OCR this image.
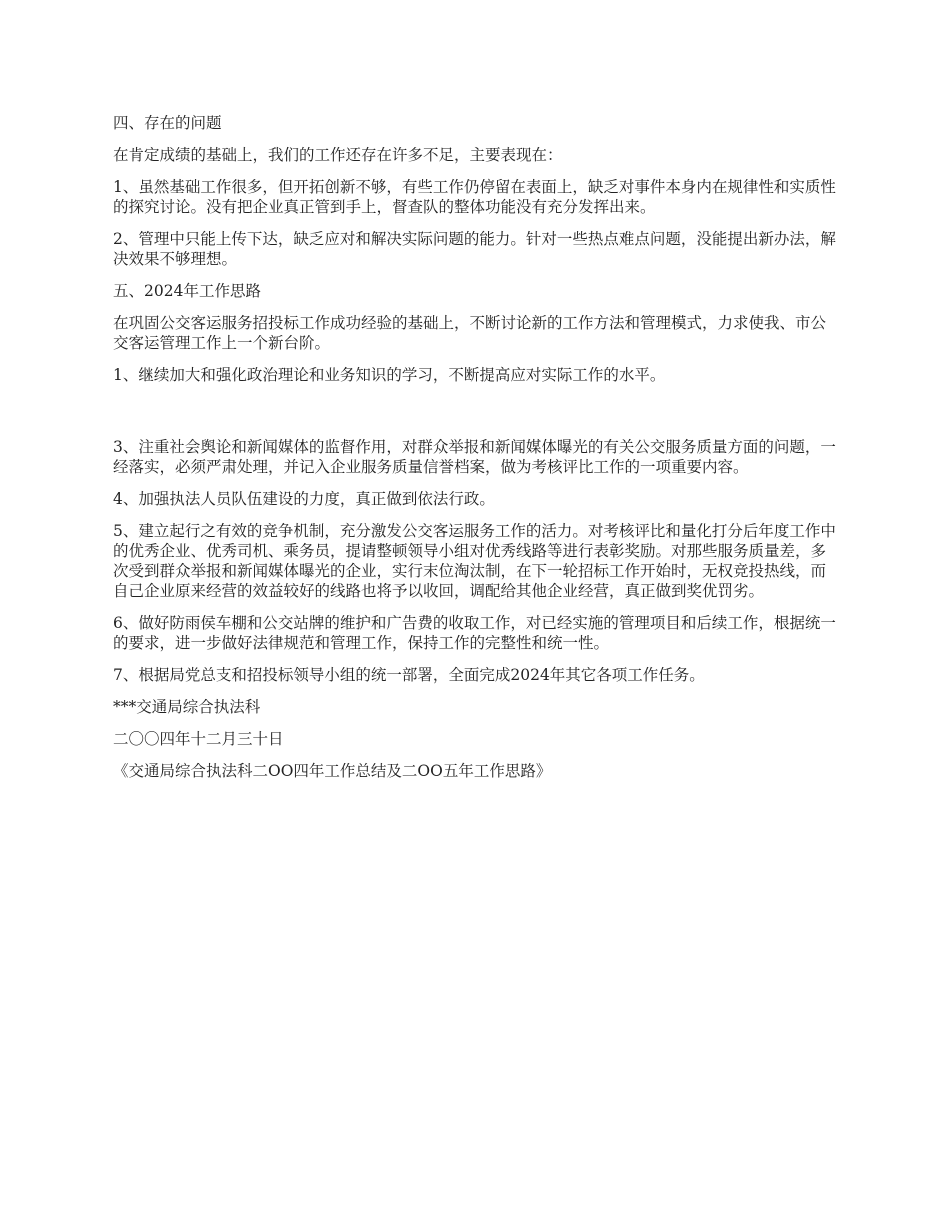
四、存在的问题

在肯定成绩的基础上，我们的工作还存在许多不足，主要表现在：

1、虽然基础工作很多，但开拓创新不够，有些工作仍停留在表面上，缺乏对事件本身内在规律性和实质性的探究讨论。没有把企业真正管到手上，督查队的整体功能没有充分发挥出来。

2、管理中只能上传下达，缺乏应对和解决实际问题的能力。针对一些热点难点问题，没能提出新办法，解决效果不够理想。

五、2024年工作思路

在巩固公交客运服务招投标工作成功经验的基础上，不断讨论新的工作方法和管理模式，力求使我、市公交客运管理工作上一个新台阶。

1、继续加大和强化政治理论和业务知识的学习，不断提高应对实际工作的水平。

3、注重社会舆论和新闻媒体的监督作用，对群众举报和新闻媒体曝光的有关公交服务质量方面的问题，一经落实，必须严肃处理，并记入企业服务质量信誉档案，做为考核评比工作的一项重要内容。

4、加强执法人员队伍建设的力度，真正做到依法行政。

5、建立起行之有效的竞争机制，充分激发公交客运服务工作的活力。对考核评比和量化打分后年度工作中的优秀企业、优秀司机、乘务员，提请整顿领导小组对优秀线路等进行表彰奖励。对那些服务质量差，多次受到群众举报和新闻媒体曝光的企业，实行末位淘汰制，在下一轮招标工作开始时，无权竞投热线，而自己企业原来经营的效益较好的线路也将予以收回，调配给其他企业经营，真正做到奖优罚劣。

6、做好防雨侯车棚和公交站牌的维护和广告费的收取工作，对已经实施的管理项目和后续工作，根据统一的要求，进一步做好法律规范和管理工作，保持工作的完整性和统一性。

7、根据局党总支和招投标领导小组的统一部署，全面完成2024年其它各项工作任务。

***交通局综合执法科

二〇〇四年十二月三十日

《交通局综合执法科二OO四年工作总结及二OO五年工作思路》
